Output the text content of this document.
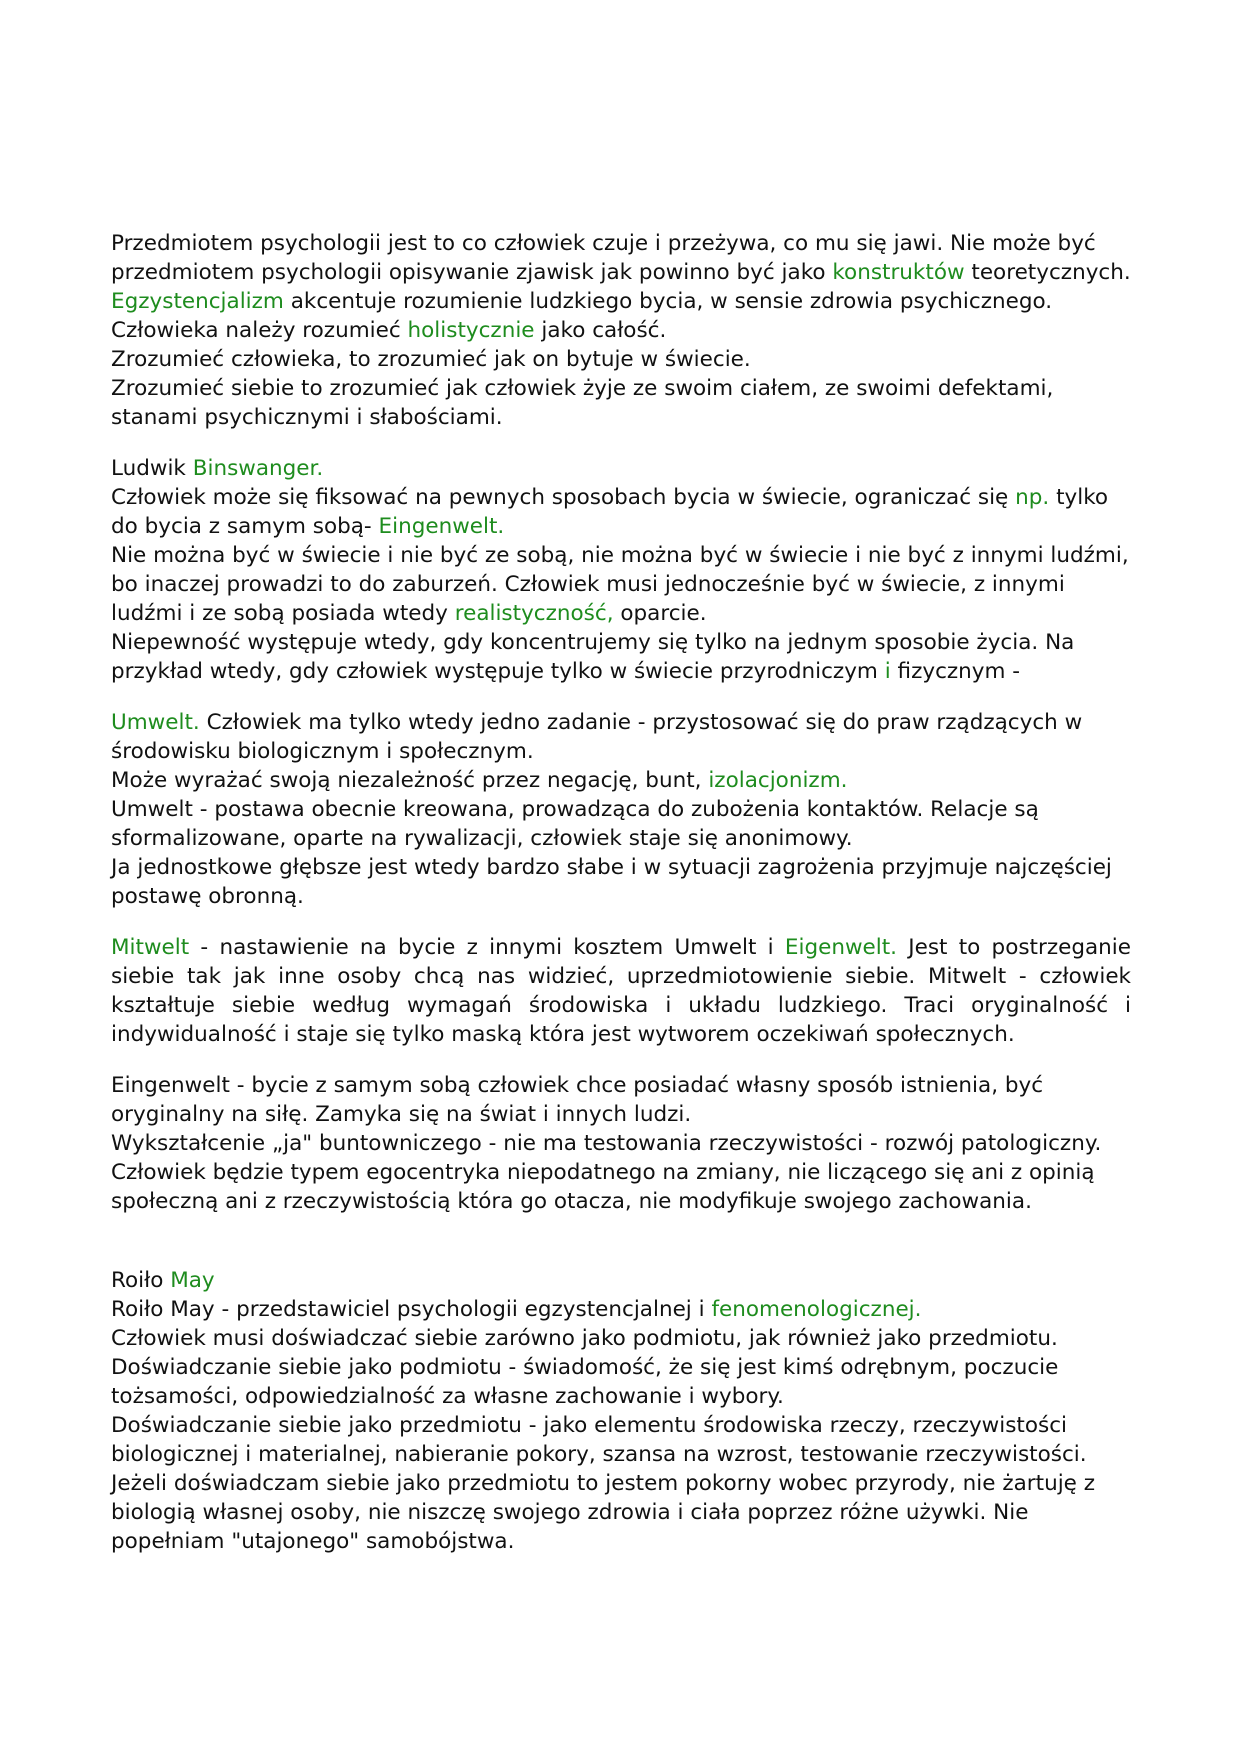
Przedmiotem psychologii jest to co człowiek czuje i przeżywa, co mu się jawi. Nie może być przedmiotem psychologii opisywanie zjawisk jak powinno być jako konstruktów teoretycznych.
Egzystencjalizm akcentuje rozumienie ludzkiego bycia, w sensie zdrowia psychicznego.
Człowieka należy rozumieć holistycznie jako całość.
Zrozumieć człowieka, to zrozumieć jak on bytuje w świecie.
Zrozumieć siebie to zrozumieć jak człowiek żyje ze swoim ciałem, ze swoimi defektami, stanami psychicznymi i słabościami.

Ludwik Binswanger.
Człowiek może się fiksować na pewnych sposobach bycia w świecie, ograniczać się np. tylko do bycia z samym sobą- Eingenwelt.
Nie można być w świecie i nie być ze sobą, nie można być w świecie i nie być z innymi ludźmi, bo inaczej prowadzi to do zaburzeń. Człowiek musi jednocześnie być w świecie, z innymi ludźmi i ze sobą posiada wtedy realistyczność, oparcie.
Niepewność występuje wtedy, gdy koncentrujemy się tylko na jednym sposobie życia. Na przykład wtedy, gdy człowiek występuje tylko w świecie przyrodniczym i fizycznym -

Umwelt. Człowiek ma tylko wtedy jedno zadanie - przystosować się do praw rządzących w środowisku biologicznym i społecznym.
Może wyrażać swoją niezależność przez negację, bunt, izolacjonizm.
Umwelt - postawa obecnie kreowana, prowadząca do zubożenia kontaktów. Relacje są sformalizowane, oparte na rywalizacji, człowiek staje się anonimowy.
Ja jednostkowe głębsze jest wtedy bardzo słabe i w sytuacji zagrożenia przyjmuje najczęściej postawę obronną.

Mitwelt - nastawienie na bycie z innymi kosztem Umwelt i Eigenwelt. Jest to postrzeganie siebie tak jak inne osoby chcą nas widzieć, uprzedmiotowienie siebie. Mitwelt - człowiek kształtuje siebie według wymagań środowiska i układu ludzkiego. Traci oryginalność i indywidualność i staje się tylko maską która jest wytworem oczekiwań społecznych.

Eingenwelt - bycie z samym sobą człowiek chce posiadać własny sposób istnienia, być oryginalny na siłę. Zamyka się na świat i innych ludzi.
Wykształcenie „ja" buntowniczego - nie ma testowania rzeczywistości - rozwój patologiczny.
Człowiek będzie typem egocentryka niepodatnego na zmiany, nie liczącego się ani z opinią społeczną ani z rzeczywistością która go otacza, nie modyfikuje swojego zachowania.

Roiło May
Roiło May - przedstawiciel psychologii egzystencjalnej i fenomenologicznej.
Człowiek musi doświadczać siebie zarówno jako podmiotu, jak również jako przedmiotu.
Doświadczanie siebie jako podmiotu - świadomość, że się jest kimś odrębnym, poczucie tożsamości, odpowiedzialność za własne zachowanie i wybory.
Doświadczanie siebie jako przedmiotu - jako elementu środowiska rzeczy, rzeczywistości biologicznej i materialnej, nabieranie pokory, szansa na wzrost, testowanie rzeczywistości.
Jeżeli doświadczam siebie jako przedmiotu to jestem pokorny wobec przyrody, nie żartuję z biologią własnej osoby, nie niszczę swojego zdrowia i ciała poprzez różne używki. Nie popełniam "utajonego" samobójstwa.
